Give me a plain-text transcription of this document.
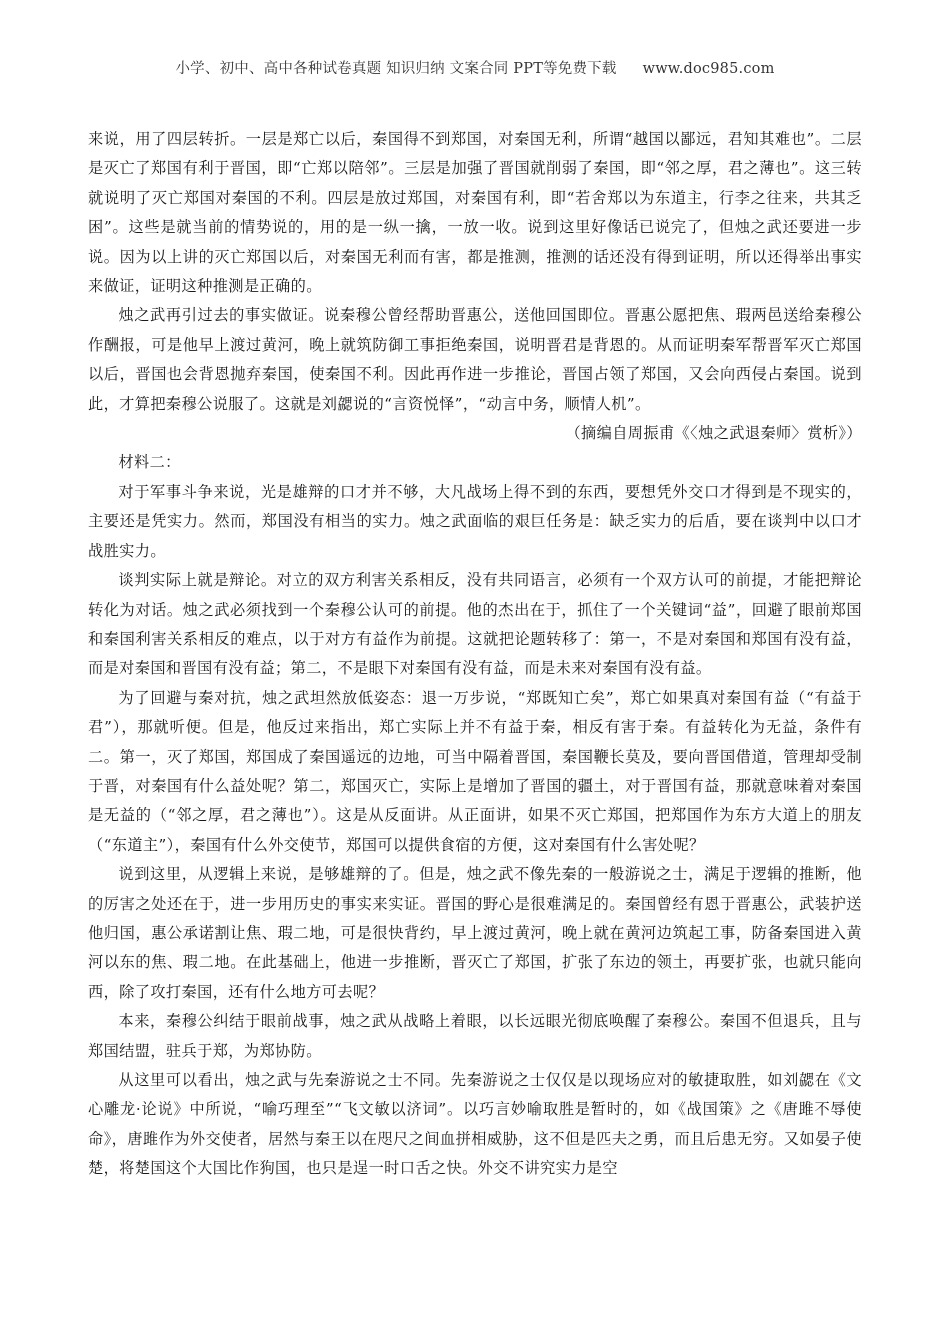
小学、初中、高中各种试卷真题 知识归纳 文案合同 PPT等免费下载 www.doc985.com

来说，用了四层转折。一层是郑亡以后，秦国得不到郑国，对秦国无利，所谓“越国以鄙远，君知其难也”。二层是灭亡了郑国有利于晋国，即“亡郑以陪邻”。三层是加强了晋国就削弱了秦国，即“邻之厚，君之薄也”。这三转就说明了灭亡郑国对秦国的不利。四层是放过郑国，对秦国有利，即“若舍郑以为东道主，行李之往来，共其乏困”。这些是就当前的情势说的，用的是一纵一擒，一放一收。说到这里好像话已说完了，但烛之武还要进一步说。因为以上讲的灭亡郑国以后，对秦国无利而有害，都是推测，推测的话还没有得到证明，所以还得举出事实来做证，证明这种推测是正确的。

烛之武再引过去的事实做证。说秦穆公曾经帮助晋惠公，送他回国即位。晋惠公愿把焦、瑕两邑送给秦穆公作酬报，可是他早上渡过黄河，晚上就筑防御工事拒绝秦国，说明晋君是背恩的。从而证明秦军帮晋军灭亡郑国以后，晋国也会背恩抛弃秦国，使秦国不利。因此再作进一步推论，晋国占领了郑国，又会向西侵占秦国。说到此，才算把秦穆公说服了。这就是刘勰说的“言资悦怿”，“动言中务，顺情人机”。

（摘编自周振甫《〈烛之武退秦师〉赏析》）

材料二：

对于军事斗争来说，光是雄辩的口才并不够，大凡战场上得不到的东西，要想凭外交口才得到是不现实的，主要还是凭实力。然而，郑国没有相当的实力。烛之武面临的艰巨任务是：缺乏实力的后盾，要在谈判中以口才战胜实力。

谈判实际上就是辩论。对立的双方利害关系相反，没有共同语言，必须有一个双方认可的前提，才能把辩论转化为对话。烛之武必须找到一个秦穆公认可的前提。他的杰出在于，抓住了一个关键词“益”，回避了眼前郑国和秦国利害关系相反的难点，以于对方有益作为前提。这就把论题转移了：第一，不是对秦国和郑国有没有益，而是对秦国和晋国有没有益；第二，不是眼下对秦国有没有益，而是未来对秦国有没有益。

为了回避与秦对抗，烛之武坦然放低姿态：退一万步说，“郑既知亡矣”，郑亡如果真对秦国有益（“有益于君”），那就听便。但是，他反过来指出，郑亡实际上并不有益于秦，相反有害于秦。有益转化为无益，条件有二。第一，灭了郑国，郑国成了秦国遥远的边地，可当中隔着晋国，秦国鞭长莫及，要向晋国借道，管理却受制于晋，对秦国有什么益处呢？第二，郑国灭亡，实际上是增加了晋国的疆土，对于晋国有益，那就意味着对秦国是无益的（“邻之厚，君之薄也”）。这是从反面讲。从正面讲，如果不灭亡郑国，把郑国作为东方大道上的朋友（“东道主”），秦国有什么外交使节，郑国可以提供食宿的方便，这对秦国有什么害处呢？

说到这里，从逻辑上来说，是够雄辩的了。但是，烛之武不像先秦的一般游说之士，满足于逻辑的推断，他的厉害之处还在于，进一步用历史的事实来实证。晋国的野心是很难满足的。秦国曾经有恩于晋惠公，武装护送他归国，惠公承诺割让焦、瑕二地，可是很快背约，早上渡过黄河，晚上就在黄河边筑起工事，防备秦国进入黄河以东的焦、瑕二地。在此基础上，他进一步推断，晋灭亡了郑国，扩张了东边的领土，再要扩张，也就只能向西，除了攻打秦国，还有什么地方可去呢？

本来，秦穆公纠结于眼前战事，烛之武从战略上着眼，以长远眼光彻底唤醒了秦穆公。秦国不但退兵，且与郑国结盟，驻兵于郑，为郑协防。

从这里可以看出，烛之武与先秦游说之士不同。先秦游说之士仅仅是以现场应对的敏捷取胜，如刘勰在《文心雕龙·论说》中所说，“喻巧理至”“飞文敏以济词”。以巧言妙喻取胜是暂时的，如《战国策》之《唐雎不辱使命》，唐雎作为外交使者，居然与秦王以在咫尺之间血拼相威胁，这不但是匹夫之勇，而且后患无穷。又如晏子使楚，将楚国这个大国比作狗国，也只是逞一时口舌之快。外交不讲究实力是空
